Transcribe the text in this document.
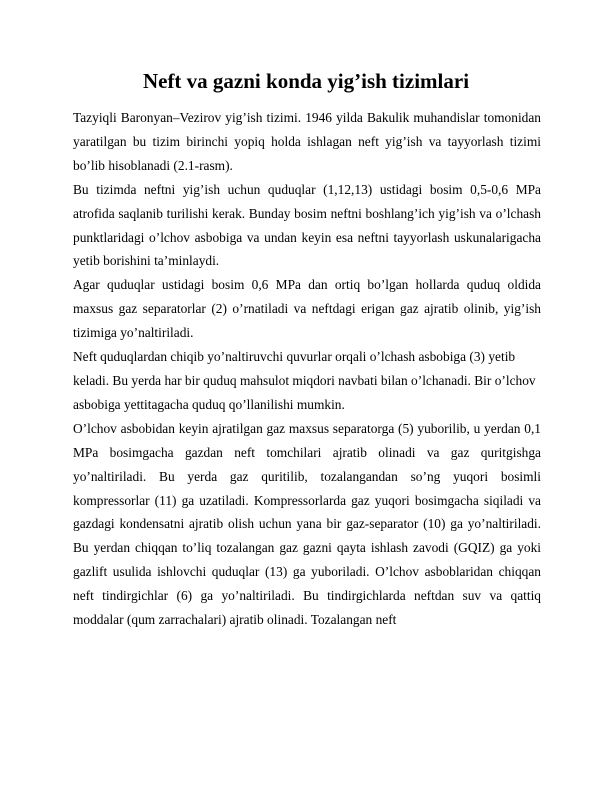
Neft va gazni konda yig’ish tizimlari

Tazyiqli Baronyan–Vezirov yig’ish tizimi. 1946 yilda Bakulik muhandislar tomonidan yaratilgan bu tizim birinchi yopiq holda ishlagan neft yig’ish va tayyorlash tizimi bo’lib hisoblanadi (2.1-rasm).

Bu tizimda neftni yig’ish uchun quduqlar (1,12,13) ustidagi bosim 0,5-0,6 MPa atrofida saqlanib turilishi kerak. Bunday bosim neftni boshlang’ich yig’ish va o’lchash punktlaridagi o’lchov asbobiga va undan keyin esa neftni tayyorlash uskunalarigacha yetib borishini ta’minlaydi.

Agar quduqlar ustidagi bosim 0,6 MPa dan ortiq bo’lgan hollarda quduq oldida maxsus gaz separatorlar (2) o’rnatiladi va neftdagi erigan gaz ajratib olinib, yig’ish tizimiga yo’naltiriladi.

Neft quduqlardan chiqib yo’naltiruvchi quvurlar orqali o’lchash asbobiga (3) yetib keladi. Bu yerda har bir quduq mahsulot miqdori navbati bilan o’lchanadi. Bir o’lchov asbobiga yettitagacha quduq qo’llanilishi mumkin.

O’lchov asbobidan keyin ajratilgan gaz maxsus separatorga (5) yuborilib, u yerdan 0,1 MPa bosimgacha gazdan neft tomchilari ajratib olinadi va gaz quritgishga yo’naltiriladi. Bu yerda gaz quritilib, tozalangandan so’ng yuqori bosimli kompressorlar (11) ga uzatiladi. Kompressorlarda gaz yuqori bosimgacha siqiladi va gazdagi kondensatni ajratib olish uchun yana bir gaz-separator (10) ga yo’naltiriladi. Bu yerdan chiqqan to’liq tozalangan gaz gazni qayta ishlash zavodi (GQIZ) ga yoki gazlift usulida ishlovchi quduqlar (13) ga yuboriladi. O’lchov asboblaridan chiqqan neft tindirgichlar (6) ga yo’naltiriladi. Bu tindirgichlarda neftdan suv va qattiq moddalar (qum zarrachalari) ajratib olinadi. Tozalangan neft
